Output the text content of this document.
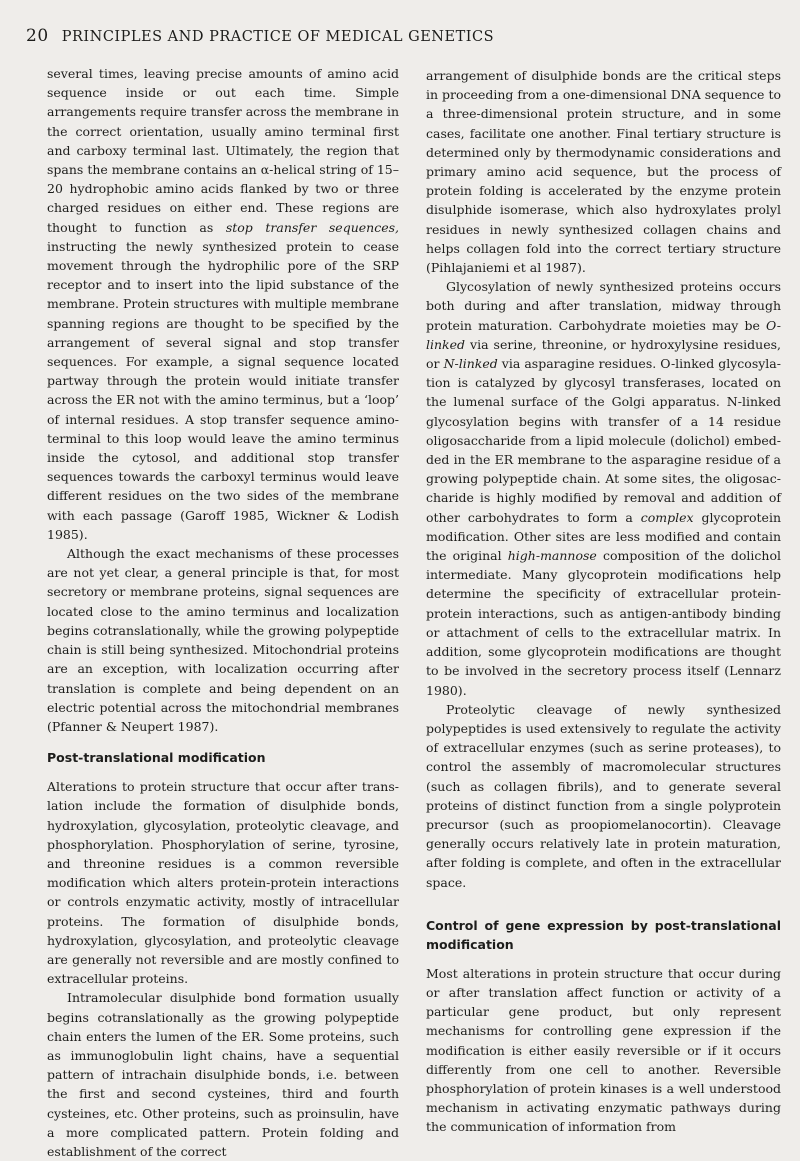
20 PRINCIPLES AND PRACTICE OF MEDICAL GENETICS

several times, leaving precise amounts of amino acid sequence inside or out each time. Simple arrangements require transfer across the membrane in the correct orientation, usually amino terminal first and carboxy terminal last. Ultimately, the region that spans the membrane contains an α-helical string of 15–20 hydrophobic amino acids flanked by two or three charged residues on either end. These regions are thought to function as stop transfer sequences, instructing the newly synthesized protein to cease movement through the hydrophilic pore of the SRP receptor and to insert into the lipid substance of the membrane. Protein structures with multiple membrane spanning regions are thought to be specified by the arrangement of several signal and stop transfer sequences. For example, a signal sequence located partway through the protein would initiate transfer across the ER not with the amino terminus, but a ‘loop’ of internal residues. A stop transfer sequence amino-terminal to this loop would leave the amino terminus inside the cytosol, and additional stop transfer sequences towards the carboxyl terminus would leave different residues on the two sides of the membrane with each passage (Garoff 1985, Wickner & Lodish 1985).

Although the exact mechanisms of these processes are not yet clear, a general principle is that, for most secretory or membrane proteins, signal sequences are located close to the amino terminus and localization begins cotranslationally, while the growing polypeptide chain is still being synthesized. Mitochondrial proteins are an exception, with localization occurring after translation is complete and being dependent on an electric potential across the mitochondrial membranes (Pfanner & Neupert 1987).

Post-translational modification

Alterations to protein structure that occur after translation include the formation of disulphide bonds, hydroxylation, glycosylation, proteolytic cleavage, and phosphorylation. Phosphorylation of serine, tyrosine, and threonine residues is a common reversible modification which alters protein-protein interactions or controls enzymatic activity, mostly of intracellular proteins. The formation of disulphide bonds, hydroxylation, glycosylation, and proteolytic cleavage are generally not reversible and are mostly confined to extracellular proteins.

Intramolecular disulphide bond formation usually begins cotranslationally as the growing polypeptide chain enters the lumen of the ER. Some proteins, such as immunoglobulin light chains, have a sequential pattern of intrachain disulphide bonds, i.e. between the first and second cysteines, third and fourth cysteines, etc. Other proteins, such as proinsulin, have a more complicated pattern. Protein folding and establishment of the correct

arrangement of disulphide bonds are the critical steps in proceeding from a one-dimensional DNA sequence to a three-dimensional protein structure, and in some cases, facilitate one another. Final tertiary structure is determined only by thermodynamic considerations and primary amino acid sequence, but the process of protein folding is accelerated by the enzyme protein disulphide isomerase, which also hydroxylates prolyl residues in newly synthesized collagen chains and helps collagen fold into the correct tertiary structure (Pihlajaniemi et al 1987).

Glycosylation of newly synthesized proteins occurs both during and after translation, midway through protein maturation. Carbohydrate moieties may be O-linked via serine, threonine, or hydroxylysine residues, or N-linked via asparagine residues. O-linked glycosylation is catalyzed by glycosyl transferases, located on the lumenal surface of the Golgi apparatus. N-linked glycosylation begins with transfer of a 14 residue oligosaccharide from a lipid molecule (dolichol) embedded in the ER membrane to the asparagine residue of a growing polypeptide chain. At some sites, the oligosaccharide is highly modified by removal and addition of other carbohydrates to form a complex glycoprotein modification. Other sites are less modified and contain the original high-mannose composition of the dolichol intermediate. Many glycoprotein modifications help determine the specificity of extracellular protein-protein interactions, such as antigen-antibody binding or attachment of cells to the extracellular matrix. In addition, some glycoprotein modifications are thought to be involved in the secretory process itself (Lennarz 1980).

Proteolytic cleavage of newly synthesized polypeptides is used extensively to regulate the activity of extracellular enzymes (such as serine proteases), to control the assembly of macromolecular structures (such as collagen fibrils), and to generate several proteins of distinct function from a single polyprotein precursor (such as proopiomelanocortin). Cleavage generally occurs relatively late in protein maturation, after folding is complete, and often in the extracellular space.

Control of gene expression by post-translational modification

Most alterations in protein structure that occur during or after translation affect function or activity of a particular gene product, but only represent mechanisms for controlling gene expression if the modification is either easily reversible or if it occurs differently from one cell to another. Reversible phosphorylation of protein kinases is a well understood mechanism in activating enzymatic pathways during the communication of information from
